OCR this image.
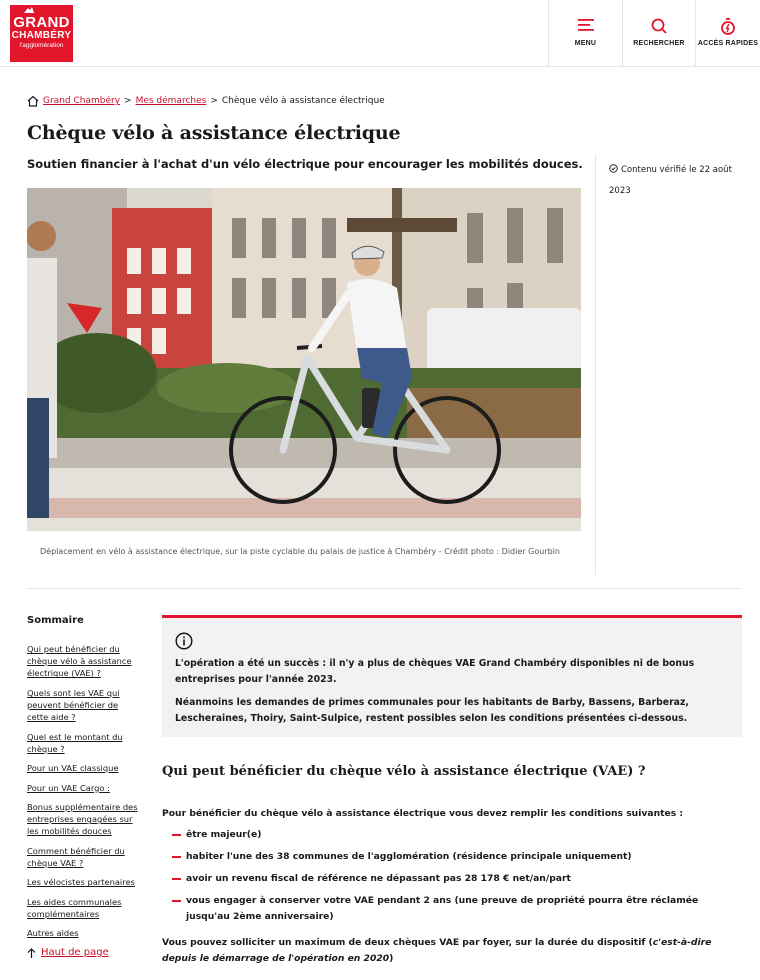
GRAND
CHAMBÉRY
l'agglomération	MENU	RECHERCHER	ACCÈS RAPIDES
Grand Chambéry > Mes démarches > Chèque vélo à assistance électrique
Chèque vélo à assistance électrique

Soutien financier à l'achat d'un vélo électrique pour encourager les mobilités douces.

Déplacement en vélo à assistance électrique, sur la piste cyclable du palais de justice à Chambéry - Crédit photo : Didier Gourbin

Contenu vérifié le 22 août
2023
Sommaire
Qui peut bénéficier du chèque vélo à assistance électrique (VAE) ?
Quels sont les VAE qui peuvent bénéficier de cette aide ?
Quel est le montant du chèque ?
Pour un VAE classique
Pour un VAE Cargo :
Bonus supplémentaire des entreprises engagées sur les mobilités douces
Comment bénéficier du chèque VAE ?
Les vélocistes partenaires
Les aides communales complémentaires
Autres aides
Haut de page

L'opération a été un succès : il n'y a plus de chèques VAE Grand Chambéry disponibles ni de bonus entreprises pour l'année 2023.

Néanmoins les demandes de primes communales pour les habitants de Barby, Bassens, Barberaz, Lescheraines, Thoiry, Saint-Sulpice, restent possibles selon les conditions présentées ci-dessous.

Qui peut bénéficier du chèque vélo à assistance électrique (VAE) ?

Pour bénéficier du chèque vélo à assistance électrique vous devez remplir les conditions suivantes :

être majeur(e)
habiter l'une des 38 communes de l'agglomération (résidence principale uniquement)
avoir un revenu fiscal de référence ne dépassant pas 28 178 € net/an/part
vous engager à conserver votre VAE pendant 2 ans (une preuve de propriété pourra être réclamée jusqu'au 2ème anniversaire)

Vous pouvez solliciter un maximum de deux chèques VAE par foyer, sur la durée du dispositif (c'est-à-dire depuis le démarrage de l'opération en 2020)
